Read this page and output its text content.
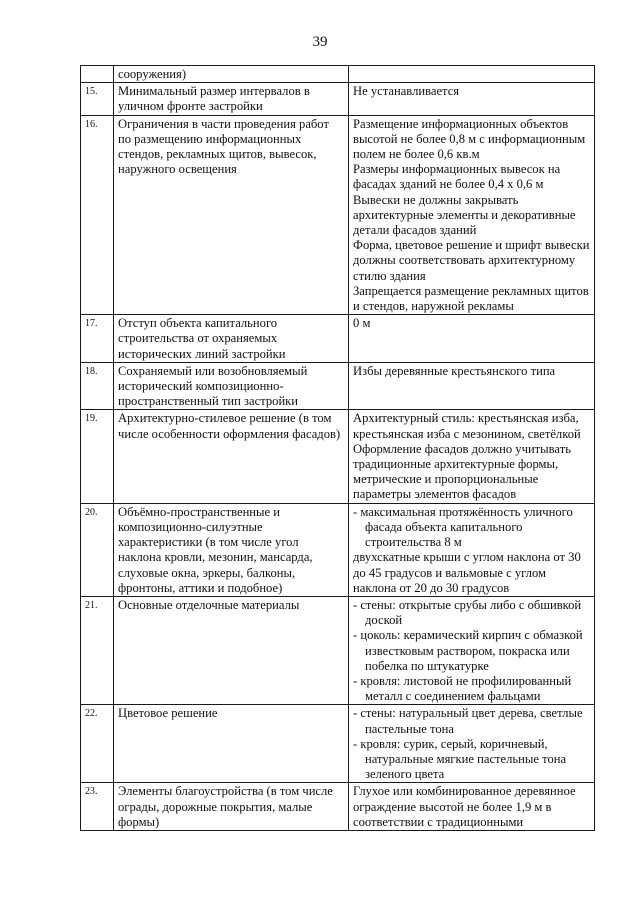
39

	сооружения)	

15.	Минимальный размер интервалов в уличном фронте застройки	Не устанавливается

16.	Ограничения в части проведения работ по размещению информационных стендов, рекламных щитов, вывесок, наружного освещения	Размещение информационных объектов высотой не более 0,8 м с информационным полем не более 0,6 кв.м
Размеры информационных вывесок на фасадах зданий не более 0,4 х 0,6 м
Вывески не должны закрывать архитектурные элементы и декоративные детали фасадов зданий
Форма, цветовое решение и шрифт вывески должны соответствовать архитектурному стилю здания
Запрещается размещение рекламных щитов и стендов, наружной рекламы

17.	Отступ объекта капитального строительства от охраняемых исторических линий застройки	0 м

18.	Сохраняемый или возобновляемый исторический композиционно-пространственный тип застройки	Избы деревянные крестьянского типа

19.	Архитектурно-стилевое решение (в том числе особенности оформления фасадов)	Архитектурный стиль: крестьянская изба, крестьянская изба с мезонином, светёлкой
Оформление фасадов должно учитывать традиционные архитектурные формы, метрические и пропорциональные параметры элементов фасадов

20.	Объёмно-пространственные и композиционно-силуэтные характеристики (в том числе угол наклона кровли, мезонин, мансарда, слуховые окна, эркеры, балконы, фронтоны, аттики и подобное)	- максимальная протяжённость уличного фасада объекта капитального строительства 8 м
двухскатные крыши с углом наклона от 30 до 45 градусов и вальмовые с углом наклона от 20 до 30 градусов

21.	Основные отделочные материалы	- стены: открытые срубы либо с обшивкой доской
- цоколь: керамический кирпич с обмазкой известковым раствором, покраска или побелка по штукатурке
- кровля: листовой не профилированный металл с соединением фальцами

22.	Цветовое решение	- стены: натуральный цвет дерева, светлые пастельные тона
- кровля: сурик, серый, коричневый, натуральные мягкие пастельные тона зеленого цвета

23.	Элементы благоустройства (в том числе ограды, дорожные покрытия, малые формы)	Глухое или комбинированное деревянное ограждение высотой не более 1,9 м в соответствии с традиционными
